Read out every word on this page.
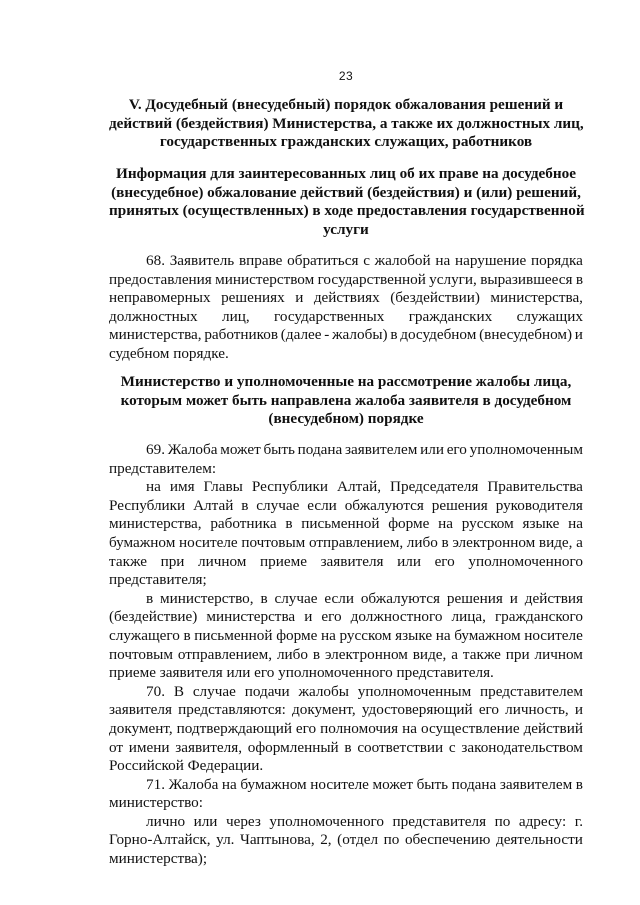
23
V. Досудебный (внесудебный) порядок обжалования решений и
действий (бездействия) Министерства, а также их должностных лиц,
государственных гражданских служащих, работников
Информация для заинтересованных лиц об их праве на досудебное
(внесудебное) обжалование действий (бездействия) и (или) решений,
принятых (осуществленных) в ходе предоставления государственной
услуги
68. Заявитель вправе обратиться с жалобой на нарушение порядка
предоставления министерством государственной услуги, выразившееся в
неправомерных решениях и действиях (бездействии) министерства,
должностных лиц, государственных гражданских служащих
министерства, работников (далее - жалобы) в досудебном (внесудебном) и
судебном порядке.
Министерство и уполномоченные на рассмотрение жалобы лица,
которым может быть направлена жалоба заявителя в досудебном
(внесудебном) порядке
69. Жалоба может быть подана заявителем или его уполномоченным
представителем:
на имя Главы Республики Алтай, Председателя Правительства
Республики Алтай в случае если обжалуются решения руководителя
министерства, работника в письменной форме на русском языке на
бумажном носителе почтовым отправлением, либо в электронном виде, а
также при личном приеме заявителя или его уполномоченного
представителя;
в министерство, в случае если обжалуются решения и действия
(бездействие) министерства и его должностного лица, гражданского
служащего в письменной форме на русском языке на бумажном носителе
почтовым отправлением, либо в электронном виде, а также при личном
приеме заявителя или его уполномоченного представителя.
70. В случае подачи жалобы уполномоченным представителем
заявителя представляются: документ, удостоверяющий его личность, и
документ, подтверждающий его полномочия на осуществление действий
от имени заявителя, оформленный в соответствии с законодательством
Российской Федерации.
71. Жалоба на бумажном носителе может быть подана заявителем в
министерство:
лично или через уполномоченного представителя по адресу: г.
Горно-Алтайск, ул. Чаптынова, 2, (отдел по обеспечению деятельности
министерства);
